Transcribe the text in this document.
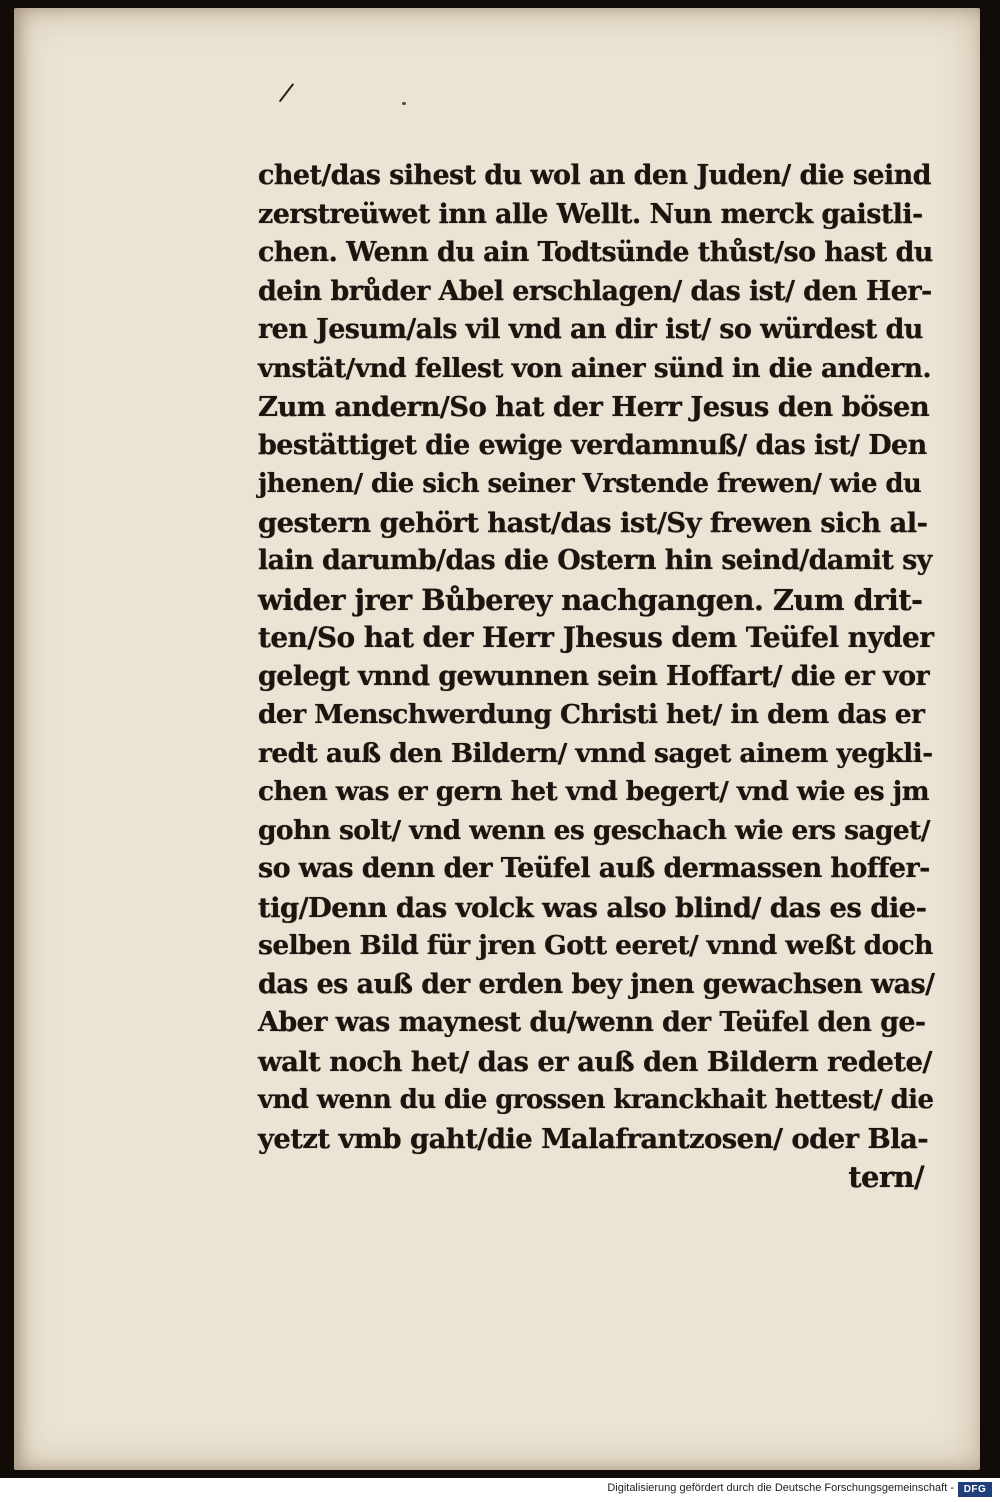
/
chet/das sihest du wol an den Juden/ die seind
zerstreüwet inn alle Wellt. Nun merck gaistli-
chen. Wenn du ain Todtsünde thůst/so hast du
dein brůder Abel erschlagen/ das ist/ den Her-
ren Jesum/als vil vnd an dir ist/ so würdest du
vnstät/vnd fellest von ainer sünd in die andern.
Zum andern/So hat der Herr Jesus den bösen
bestättiget die ewige verdamnuß/ das ist/ Den
jhenen/ die sich seiner Vrstende frewen/ wie du
gestern gehört hast/das ist/Sy frewen sich al-
lain darumb/das die Ostern hin seind/damit sy
wider jrer Bůberey nachgangen. Zum drit-
ten/So hat der Herr Jhesus dem Teüfel nyder
gelegt vnnd gewunnen sein Hoffart/ die er vor
der Menschwerdung Christi het/ in dem das er
redt auß den Bildern/ vnnd saget ainem yegkli-
chen was er gern het vnd begert/ vnd wie es jm
gohn solt/ vnd wenn es geschach wie ers saget/
so was denn der Teüfel auß dermassen hoffer-
tig/Denn das volck was also blind/ das es die-
selben Bild für jren Gott eeret/ vnnd weßt doch
das es auß der erden bey jnen gewachsen was/
Aber was maynest du/wenn der Teüfel den ge-
walt noch het/ das er auß den Bildern redete/
vnd wenn du die grossen kranckhait hettest/ die
yetzt vmb gaht/die Malafrantzosen/ oder Bla-
tern/
Digitalisierung gefördert durch die Deutsche Forschungsgemeinschaft - DFG
